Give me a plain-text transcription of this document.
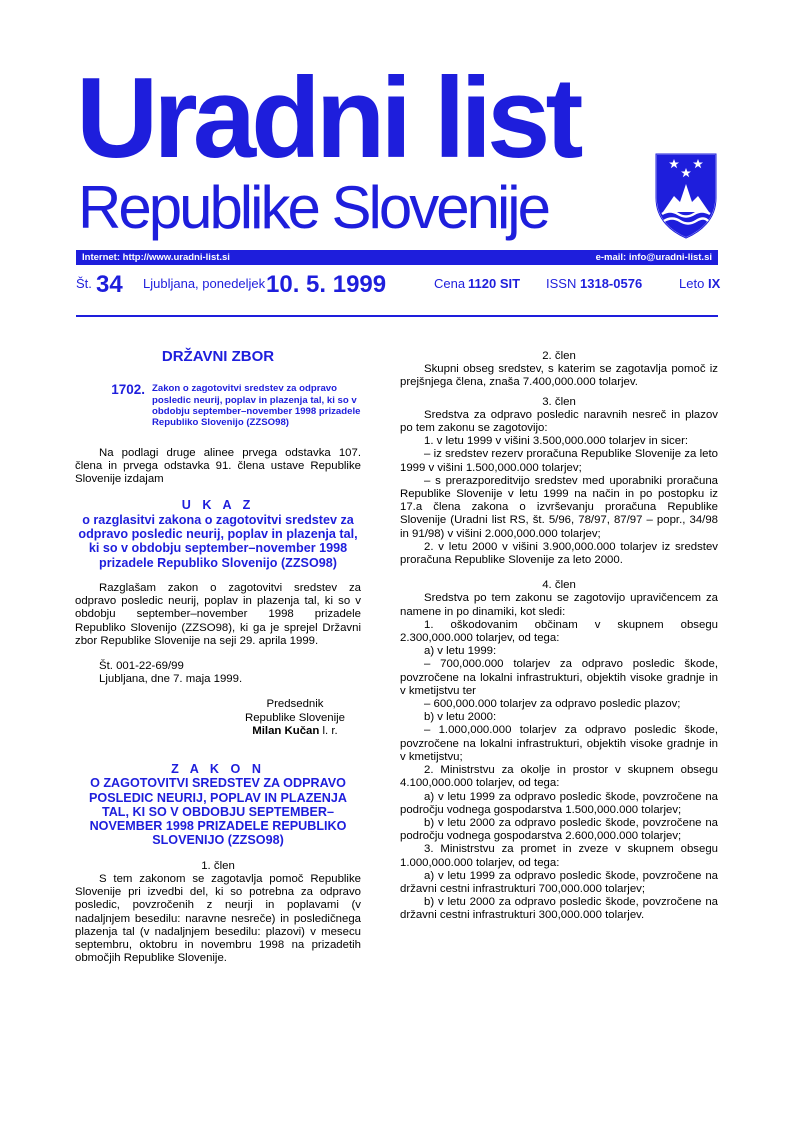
Uradni list
Republike Slovenije
Internet: http://www.uradni-list.si	e-mail: info@uradni-list.si
Št. 34 Ljubljana, ponedeljek 10. 5. 1999	Cena 1120 SIT ISSN 1318-0576	Leto IX
DRŽAVNI ZBOR
1702. Zakon o zagotovitvi sredstev za odpravo posledic neurij, poplav in plazenja tal, ki so v obdobju september–november 1998 prizadele Republiko Slovenijo (ZZSO98)

Na podlagi druge alinee prvega odstavka 107. člena in prvega odstavka 91. člena ustave Republike Slovenije izdajam

U K A Z
o razglasitvi zakona o zagotovitvi sredstev za odpravo posledic neurij, poplav in plazenja tal, ki so v obdobju september–november 1998 prizadele Republiko Slovenijo (ZZSO98)

Razglašam zakon o zagotovitvi sredstev za odpravo posledic neurij, poplav in plazenja tal, ki so v obdobju september–november 1998 prizadele Republiko Slovenijo (ZZSO98), ki ga je sprejel Državni zbor Republike Slovenije na seji 29. aprila 1999.

Št. 001-22-69/99

Ljubljana, dne 7. maja 1999.

Predsednik
Republike Slovenije
Milan Kučan l. r.
Z A K O N
O ZAGOTOVITVI SREDSTEV ZA ODPRAVO POSLEDIC NEURIJ, POPLAV IN PLAZENJA TAL, KI SO V OBDOBJU SEPTEMBER–NOVEMBER 1998 PRIZADELE REPUBLIKO SLOVENIJO (ZZSO98)
1. člen

S tem zakonom se zagotavlja pomoč Republike Slovenije pri izvedbi del, ki so potrebna za odpravo posledic, povzročenih z neurji in poplavami (v nadaljnjem besedilu: naravne nesreče) in posledičnega plazenja tal (v nadaljnjem besedilu: plazovi) v mesecu septembru, oktobru in novembru 1998 na prizadetih območjih Republike Slovenije.

2. člen

Skupni obseg sredstev, s katerim se zagotavlja pomoč iz prejšnjega člena, znaša 7.400,000.000 tolarjev.

3. člen

Sredstva za odpravo posledic naravnih nesreč in plazov po tem zakonu se zagotovijo:

1. v letu 1999 v višini 3.500,000.000 tolarjev in sicer:

– iz sredstev rezerv proračuna Republike Slovenije za leto 1999 v višini 1.500,000.000 tolarjev;

– s prerazporeditvijo sredstev med uporabniki proračuna Republike Slovenije v letu 1999 na način in po postopku iz 17.a člena zakona o izvrševanju proračuna Republike Slovenije (Uradni list RS, št. 5/96, 78/97, 87/97 – popr., 34/98 in 91/98) v višini 2.000,000.000 tolarjev;

2. v letu 2000 v višini 3.900,000.000 tolarjev iz sredstev proračuna Republike Slovenije za leto 2000.

4. člen

Sredstva po tem zakonu se zagotovijo upravičencem za namene in po dinamiki, kot sledi:

1. oškodovanim občinam v skupnem obsegu 2.300,000.000 tolarjev, od tega:

a) v letu 1999:

– 700,000.000 tolarjev za odpravo posledic škode, povzročene na lokalni infrastrukturi, objektih visoke gradnje in v kmetijstvu ter

– 600,000.000 tolarjev za odpravo posledic plazov;

b) v letu 2000:

– 1.000,000.000 tolarjev za odpravo posledic škode, povzročene na lokalni infrastrukturi, objektih visoke gradnje in v kmetijstvu;

2. Ministrstvu za okolje in prostor v skupnem obsegu 4.100,000.000 tolarjev, od tega:

a) v letu 1999 za odpravo posledic škode, povzročene na področju vodnega gospodarstva 1.500,000.000 tolarjev;

b) v letu 2000 za odpravo posledic škode, povzročene na področju vodnega gospodarstva 2.600,000.000 tolarjev;

3. Ministrstvu za promet in zveze v skupnem obsegu 1.000,000.000 tolarjev, od tega:

a) v letu 1999 za odpravo posledic škode, povzročene na državni cestni infrastrukturi 700,000.000 tolarjev;

b) v letu 2000 za odpravo posledic škode, povzročene na državni cestni infrastrukturi 300,000.000 tolarjev.
